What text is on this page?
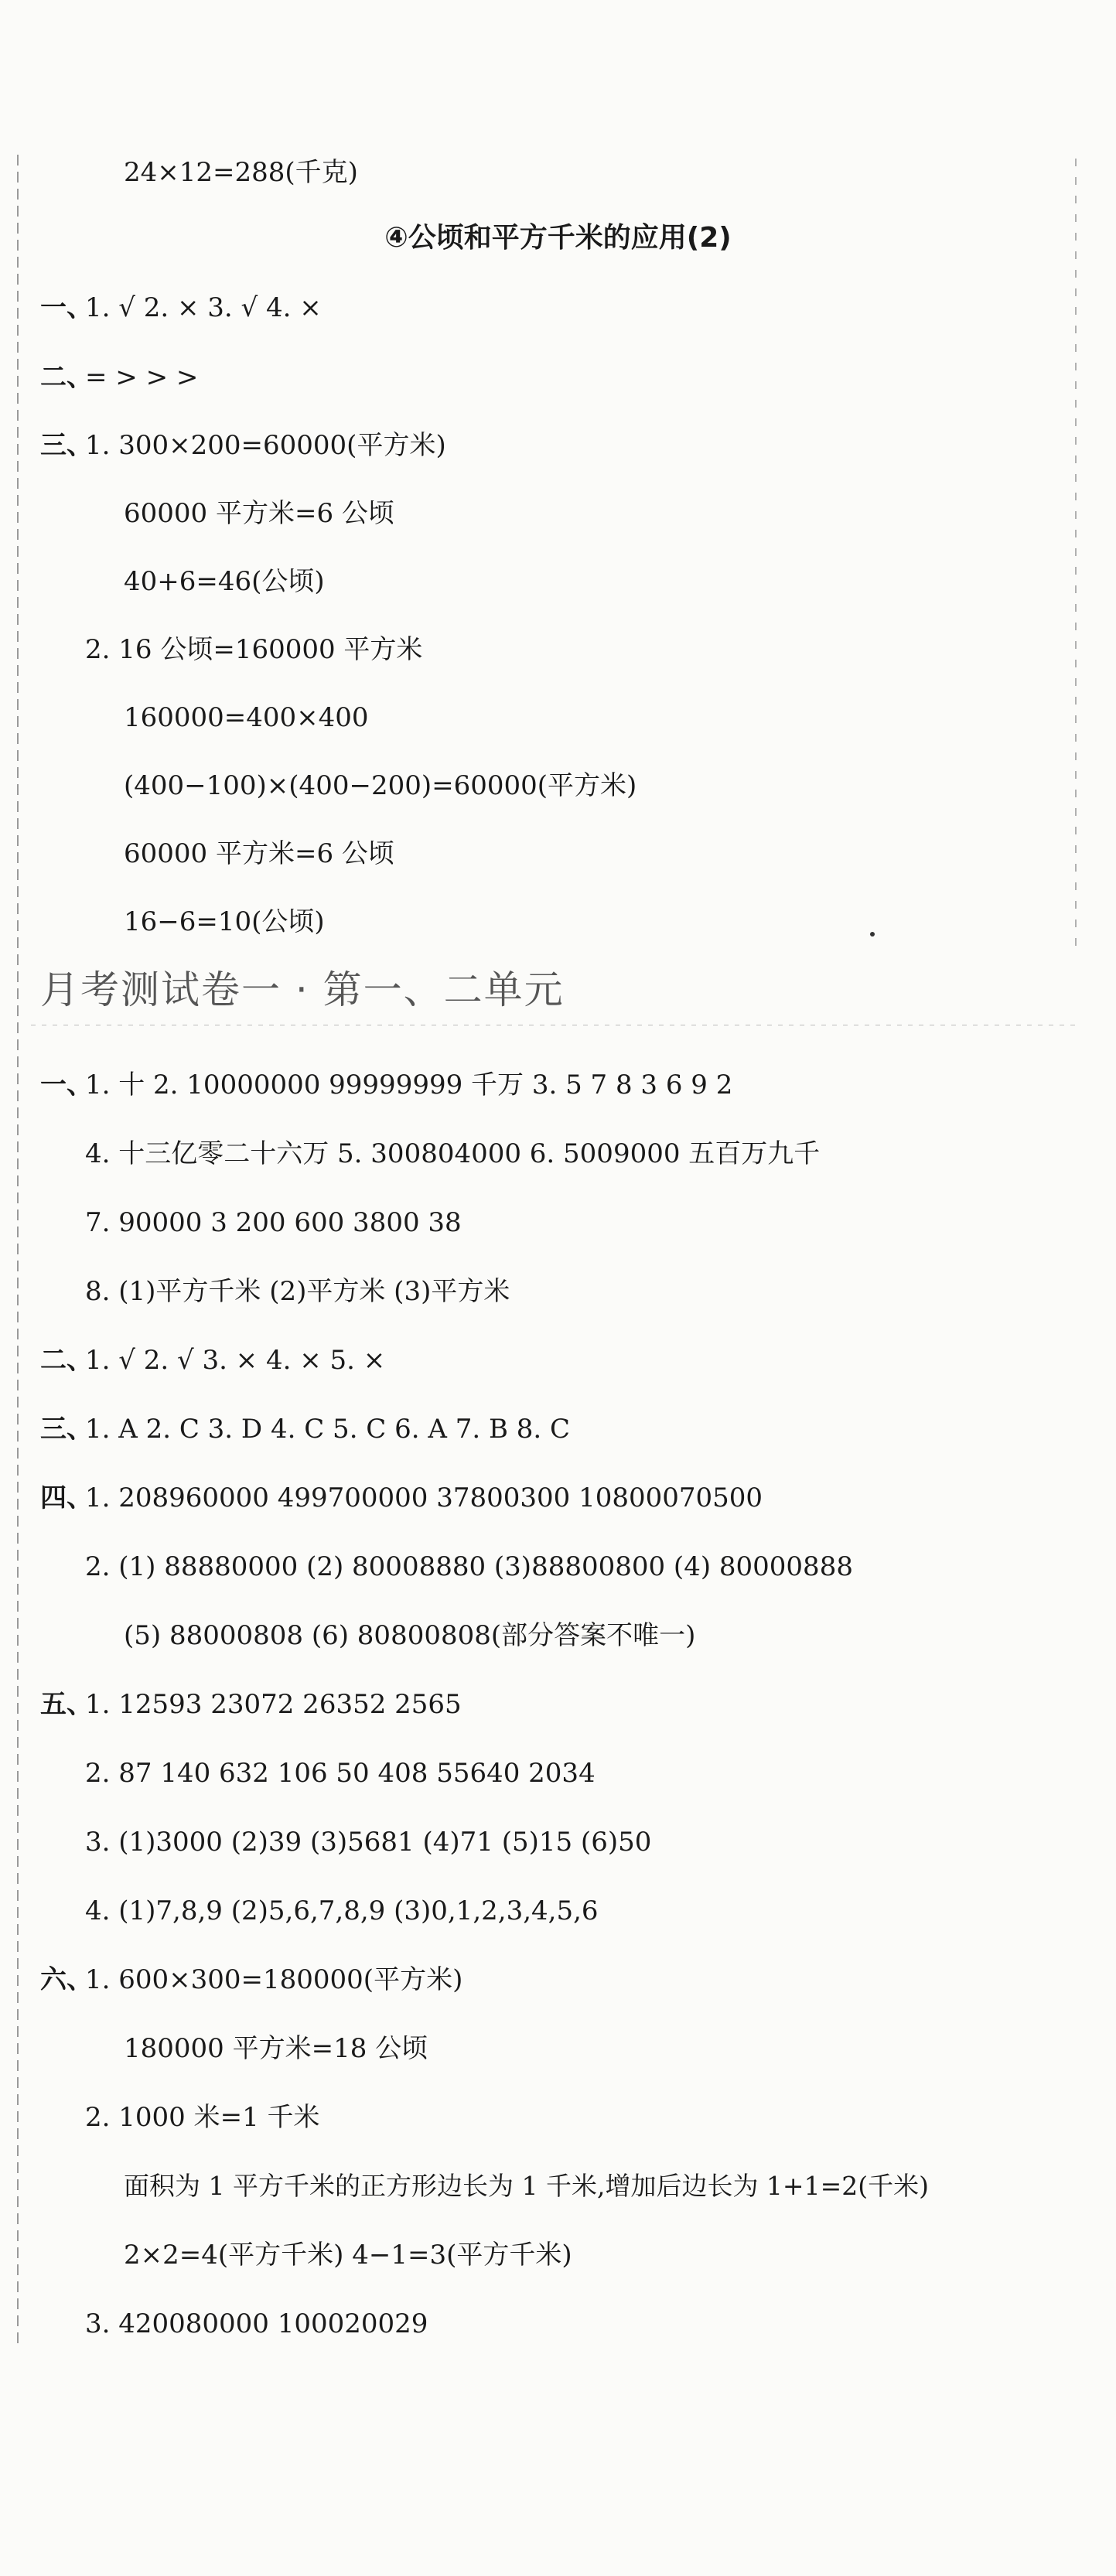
24×12=288(千克)
④公顷和平方千米的应用(2)
一、
1. √ 2. × 3. √ 4. ×
二、
= > > >
三、
1. 300×200=60000(平方米)
60000 平方米=6 公顷
40+6=46(公顷)
2. 16 公顷=160000 平方米
160000=400×400
(400−100)×(400−200)=60000(平方米)
60000 平方米=6 公顷
16−6=10(公顷)
月考测试卷一 · 第一、二单元
一、
1. 十 2. 10000000 99999999 千万 3. 5 7 8 3 6 9 2
4. 十三亿零二十六万 5. 300804000 6. 5009000 五百万九千
7. 90000 3 200 600 3800 38
8. (1)平方千米 (2)平方米 (3)平方米
二、
1. √ 2. √ 3. × 4. × 5. ×
三、
1. A 2. C 3. D 4. C 5. C 6. A 7. B 8. C
四、
1. 208960000 499700000 37800300 10800070500
2. (1) 88880000 (2) 80008880 (3)88800800 (4) 80000888
(5) 88000808 (6) 80800808(部分答案不唯一)
五、
1. 12593 23072 26352 2565
2. 87 140 632 106 50 408 55640 2034
3. (1)3000 (2)39 (3)5681 (4)71 (5)15 (6)50
4. (1)7,8,9 (2)5,6,7,8,9 (3)0,1,2,3,4,5,6
六、
1. 600×300=180000(平方米)
180000 平方米=18 公顷
2. 1000 米=1 千米
面积为 1 平方千米的正方形边长为 1 千米,增加后边长为 1+1=2(千米)
2×2=4(平方千米) 4−1=3(平方千米)
3. 420080000 100020029
